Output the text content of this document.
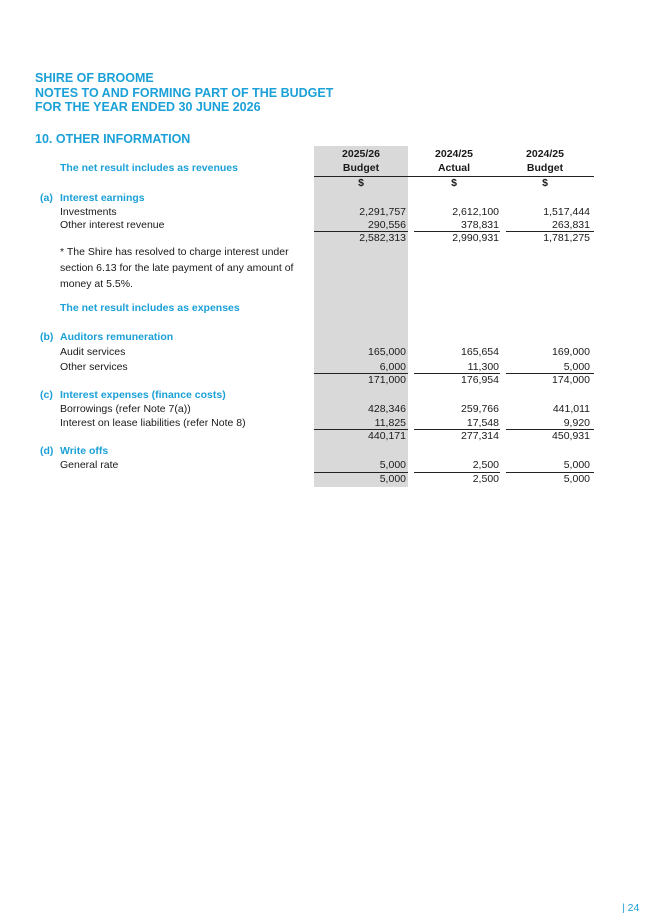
SHIRE OF BROOME
NOTES TO AND FORMING PART OF THE BUDGET
FOR THE YEAR ENDED 30 JUNE 2026
10. OTHER INFORMATION
2025/26	2024/25	2024/25
The net result includes as revenues	Budget	Actual	Budget
$	$	$
(a) Interest earnings
Investments	2,291,757	2,612,100	1,517,444
Other interest revenue	290,556	378,831	263,831
2,582,313	2,990,931	1,781,275
* The Shire has resolved to charge interest under section 6.13 for the late payment of any amount of money at 5.5%.
The net result includes as expenses
(b) Auditors remuneration
Audit services	165,000	165,654	169,000
Other services	6,000	11,300	5,000
171,000	176,954	174,000
(c) Interest expenses (finance costs)
Borrowings (refer Note 7(a))	428,346	259,766	441,011
Interest on lease liabilities (refer Note 8)	11,825	17,548	9,920
440,171	277,314	450,931
(d) Write offs
General rate	5,000	2,500	5,000
5,000	2,500	5,000
| 24
